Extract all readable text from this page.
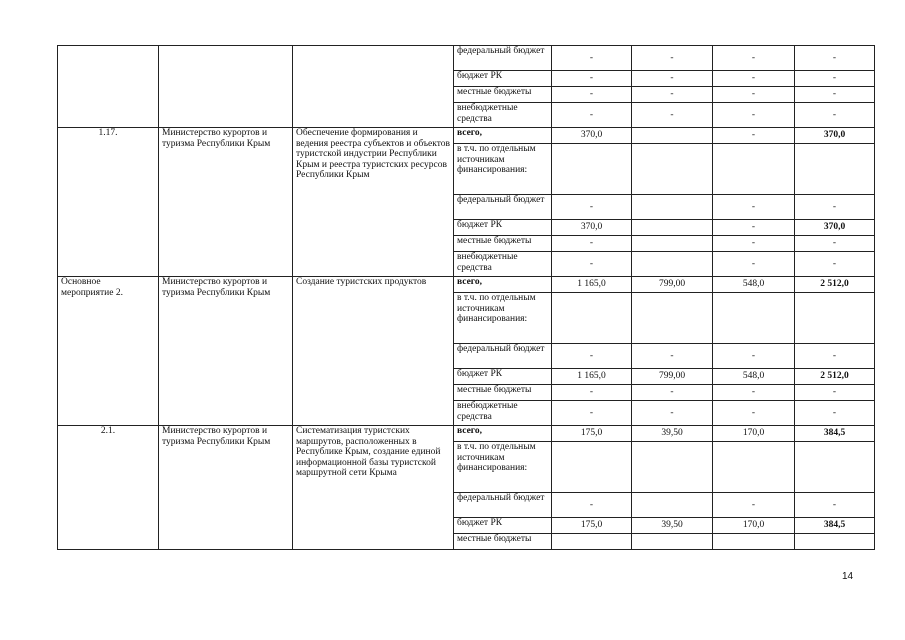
			федеральный бюджет	-	-	-	-
			бюджет РК	-	-	-	-
			местные бюджеты	-	-	-	-
			внебюджетные средства	-	-	-	-
1.17.	Министерство курортов и туризма Республики Крым	Обеспечение формирования и ведения реестра субъектов и объектов туристской индустрии Республики Крым и реестра туристских ресурсов Республики Крым	всего,	370,0		-	370,0
			в т.ч. по отдельным источникам финансирования:				
			федеральный бюджет	-		-	-
			бюджет РК	370,0		-	370,0
			местные бюджеты	-		-	-
			внебюджетные средства	-		-	-
Основное мероприятие 2.	Министерство курортов и туризма Республики Крым	Создание туристских продуктов	всего,	1 165,0	799,00	548,0	2 512,0
			в т.ч. по отдельным источникам финансирования:				
			федеральный бюджет	-	-	-	-
			бюджет РК	1 165,0	799,00	548,0	2 512,0
			местные бюджеты	-	-	-	-
			внебюджетные средства	-	-	-	-
2.1.	Министерство курортов и туризма Республики Крым	Систематизация туристских маршрутов, расположенных в Республике Крым, создание единой информационной базы туристской маршрутной сети Крыма	всего,	175,0	39,50	170,0	384,5
			в т.ч. по отдельным источникам финансирования:				
			федеральный бюджет	-		-	-
			бюджет РК	175,0	39,50	170,0	384,5
			местные бюджеты				
14
